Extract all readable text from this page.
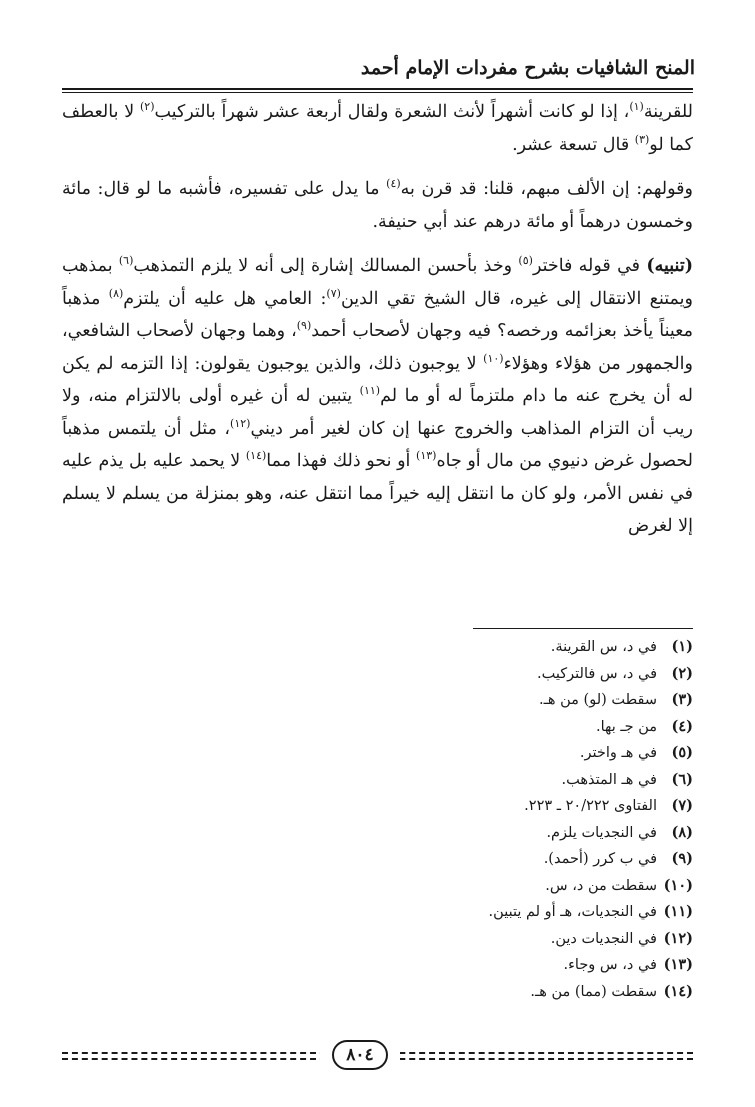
المنح الشافيات بشرح مفردات الإمام أحمد

للقرينة$^{(١)}$، إذا لو كانت أشهراً لأنث الشعرة ولقال أربعة عشر شهراً بالتركيب$^{(٢)}$ لا بالعطف كما لو$^{(٣)}$ قال تسعة عشر.

وقولهم: إن الألف مبهم، قلنا: قد قرن به$^{(٤)}$ ما يدل على تفسيره، فأشبه ما لو قال: مائة وخمسون درهماً أو مائة درهم عند أبي حنيفة.

(تنبيه) في قوله فاختر$^{(٥)}$ وخذ بأحسن المسالك إشارة إلى أنه لا يلزم التمذهب$^{(٦)}$ بمذهب ويمتنع الانتقال إلى غيره، قال الشيخ تقي الدين$^{(٧)}$: العامي هل عليه أن يلتزم$^{(٨)}$ مذهباً معيناً يأخذ بعزائمه ورخصه؟ فيه وجهان لأصحاب أحمد$^{(٩)}$، وهما وجهان لأصحاب الشافعي، والجمهور من هؤلاء وهؤلاء$^{(١٠)}$ لا يوجبون ذلك، والذين يوجبون يقولون: إذا التزمه لم يكن له أن يخرج عنه ما دام ملتزماً له أو ما لم$^{(١١)}$ يتبين له أن غيره أولى بالالتزام منه، ولا ريب أن التزام المذاهب والخروج عنها إن كان لغير أمر ديني$^{(١٢)}$، مثل أن يلتمس مذهباً لحصول غرض دنيوي من مال أو جاه$^{(١٣)}$ أو نحو ذلك فهذا مما$^{(١٤)}$ لا يحمد عليه بل يذم عليه في نفس الأمر، ولو كان ما انتقل إليه خيراً مما انتقل عنه، وهو بمنزلة من يسلم لا يسلم إلا لغرض

(١)
في د، س القرينة.
(٢)
في د، س فالتركيب.
(٣)
سقطت (لو) من هـ.
(٤)
من جـ بها.
(٥)
في هـ واختر.
(٦)
في هـ المتذهب.
(٧)
الفتاوى ٢٠/٢٢٢ ـ ٢٢٣.
(٨)
في النجديات يلزم.
(٩)
في ب كرر (أحمد).
(١٠)
سقطت من د، س.
(١١)
في النجديات، هـ أو لم يتبين.
(١٢)
في النجديات دين.
(١٣)
في د، س وجاء.
(١٤)
سقطت (مما) من هـ.
٨٠٤
